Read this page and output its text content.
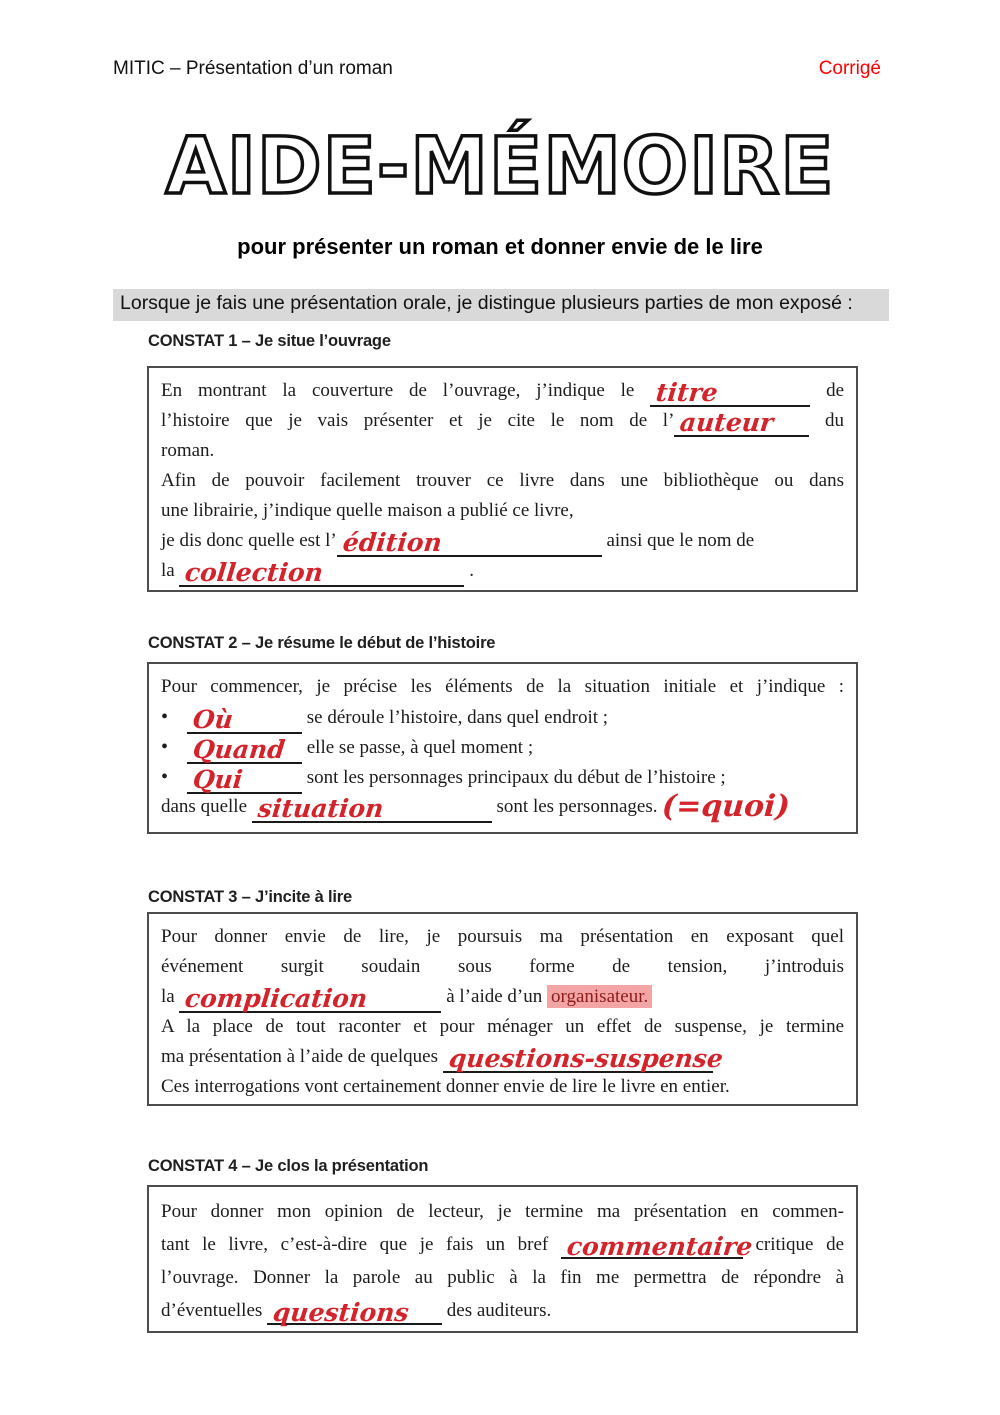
MITIC – Présentation d’un roman	Corrigé
AIDE-MÉMOIRE
pour présenter un roman et donner envie de le lire
Lorsque je fais une présentation orale, je distingue plusieurs parties de mon exposé :
CONSTAT 1 – Je situe l’ouvrage
En montrant la couverture de l’ouvrage, j’indique le titre	de
l’histoire que je vais présenter et je cite le nom de l’ auteur	du
roman.
Afin de pouvoir facilement trouver ce livre dans une bibliothèque ou dans
une librairie, j’indique quelle maison a publié ce livre,
je dis donc quelle est l’ édition	ainsi que le nom de
la collection	.
CONSTAT 2 – Je résume le début de l’histoire
Pour commencer, je précise les éléments de la situation initiale et j’indique :
• Où	se déroule l’histoire, dans quel endroit ;
• Quand elle se passe, à quel moment ;
• Qui	sont les personnages principaux du début de l’histoire ;
dans quelle situation	sont les personnages. (=quoi)
CONSTAT 3 – J’incite à lire
Pour donner envie de lire, je poursuis ma présentation en exposant quel
événement surgit soudain sous forme de tension, j’introduis
la complication	à l’aide d’un organisateur.
A la place de tout raconter et pour ménager un effet de suspense, je termine
ma présentation à l’aide de quelques questions-suspense
Ces interrogations vont certainement donner envie de lire le livre en entier.
CONSTAT 4 – Je clos la présentation
Pour donner mon opinion de lecteur, je termine ma présentation en commen-
tant le livre, c’est-à-dire que je fais un bref commentaire critique de
l’ouvrage. Donner la parole au public à la fin me permettra de répondre à
d’éventuelles questions des auditeurs.
